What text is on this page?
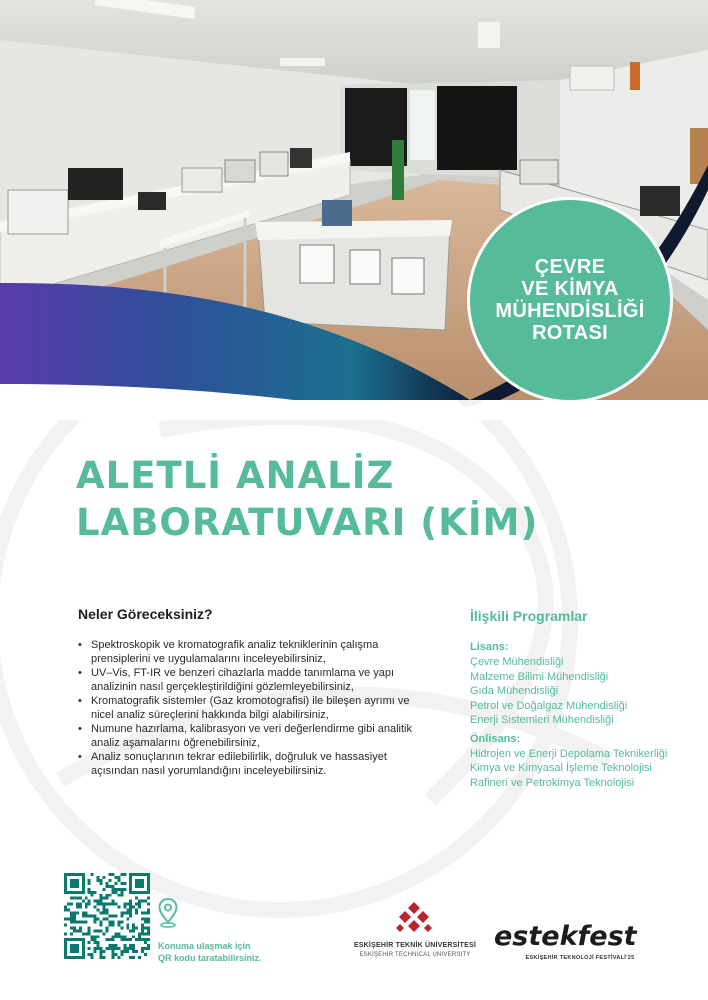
ÇEVRE
VE KİMYA
MÜHENDİSLİĞİ
ROTASI
ALETLİ ANALİZ
LABORATUVARI (KİM)
Neler Göreceksiniz?
• Spektroskopik ve kromatografik analiz tekniklerinin çalışma prensiplerini ve uygulamalarını inceleyebilirsiniz,
• UV–Vis, FT-IR ve benzeri cihazlarla madde tanımlama ve yapı analizinin nasıl gerçekleştirildiğini gözlemleyebilirsiniz,
• Kromatografik sistemler (Gaz kromotografisi) ile bileşen ayrımı ve nicel analiz süreçlerini hakkında bilgi alabilirsiniz,
• Numune hazırlama, kalibrasyon ve veri değerlendirme gibi analitik analiz aşamalarını öğrenebilirsiniz,
• Analiz sonuçlarının tekrar edilebilirlik, doğruluk ve hassasiyet açısından nasıl yorumlandığını inceleyebilirsiniz.
İlişkili Programlar
Lisans:
Çevre Mühendisliği
Malzeme Bilimi Mühendisliği
Gıda Mühendisliği
Petrol ve Doğalgaz Mühendisliği
Enerji Sistemleri Mühendisliği
Önlisans:
Hidrojen ve Enerji Depolama Teknikerliği
Kimya ve Kimyasal İşleme Teknolojisi
Rafineri ve Petrokimya Teknolojisi
Konuma ulaşmak için
QR kodu taratabilirsiniz.
ESKİŞEHİR TEKNİK ÜNİVERSİTESİ
ESKİŞEHİR TECHNICAL UNIVERSITY
estekfest
ESKİŞEHİR TEKNOLOJİ FESTİVALİ'25
